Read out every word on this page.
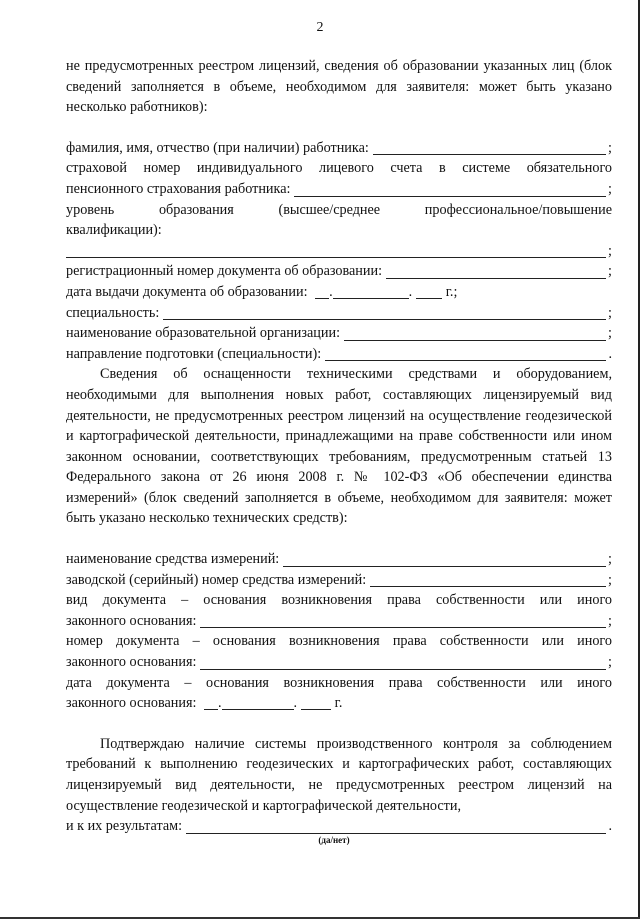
2
не предусмотренных реестром лицензий, сведения об образовании указанных лиц (блок сведений заполняется в объеме, необходимом для заявителя: может быть указано несколько работников):
фамилия, имя, отчество (при наличии) работника:	;
страховой номер индивидуального лицевого счета в системе обязательного
пенсионного страхования работника:	;
уровень образования (высшее/среднее профессиональное/повышение
квалификации):
;
регистрационный номер документа об образовании:	;
дата выдачи документа об образовании: .	. г.;
специальность:	;
наименование образовательной организации:	;
направление подготовки (специальности):	.
Сведения об оснащенности техническими средствами и оборудованием, необходимыми для выполнения новых работ, составляющих лицензируемый вид деятельности, не предусмотренных реестром лицензий на осуществление геодезической и картографической деятельности, принадлежащими на праве собственности или ином законном основании, соответствующих требованиям, предусмотренным статьей 13 Федерального закона от 26 июня 2008 г. № 102-ФЗ «Об обеспечении единства измерений» (блок сведений заполняется в объеме, необходимом для заявителя: может быть указано несколько технических средств):
наименование средства измерений:	;
заводской (серийный) номер средства измерений:	;
вид документа – основания возникновения права собственности или иного
законного основания:	;
номер документа – основания возникновения права собственности или иного
законного основания:	;
дата документа – основания возникновения права собственности или иного
законного основания: .	.	г.
Подтверждаю наличие системы производственного контроля за соблюдением требований к выполнению геодезических и картографических работ, составляющих лицензируемый вид деятельности, не предусмотренных реестром лицензий на осуществление геодезической и картографической деятельности,
и к их результатам:	.
(да/нет)
